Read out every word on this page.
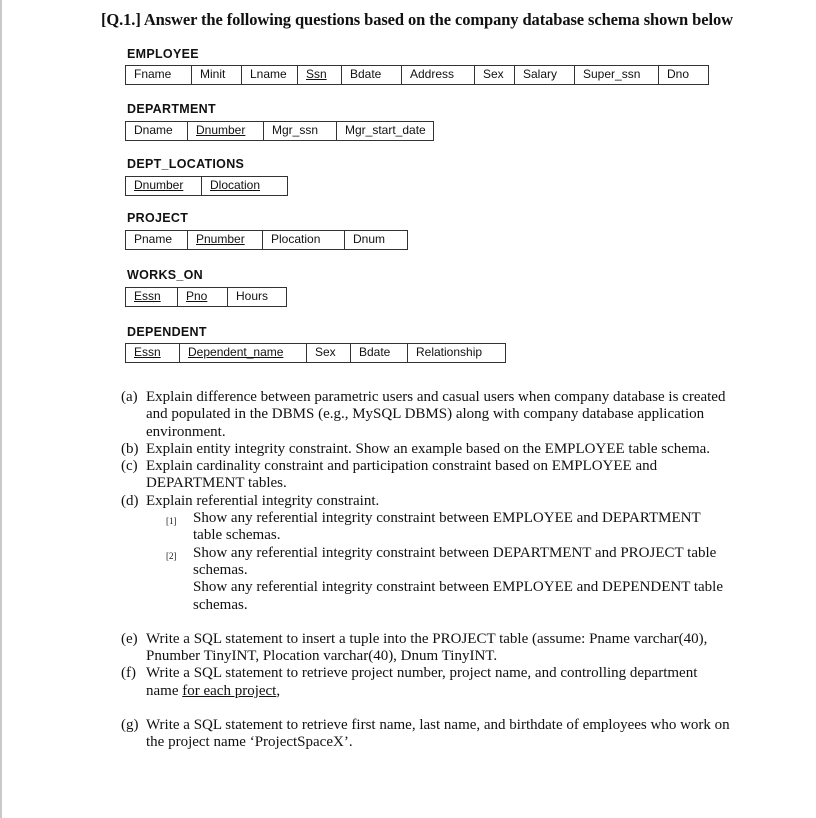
[Q.1.] Answer the following questions based on the company database schema shown below
EMPLOYEE
Fname	Minit	Lname	Ssn	Bdate	Address	Sex	Salary	Super_ssn	Dno
DEPARTMENT
Dname	Dnumber	Mgr_ssn	Mgr_start_date
DEPT_LOCATIONS
Dnumber	Dlocation
PROJECT
Pname	Pnumber	Plocation	Dnum
WORKS_ON
Essn	Pno	Hours
DEPENDENT
Essn	Dependent_name	Sex	Bdate	Relationship
(a) Explain difference between parametric users and casual users when company database is created and populated in the DBMS (e.g., MySQL DBMS) along with company database application environment.
(b) Explain entity integrity constraint. Show an example based on the EMPLOYEE table schema.
(c) Explain cardinality constraint and participation constraint based on EMPLOYEE and DEPARTMENT tables.
(d) Explain referential integrity constraint.
[1]	Show any referential integrity constraint between EMPLOYEE and DEPARTMENT table schemas.
[2]	Show any referential integrity constraint between DEPARTMENT and PROJECT table schemas.
Show any referential integrity constraint between EMPLOYEE and DEPENDENT table schemas.
(e) Write a SQL statement to insert a tuple into the PROJECT table (assume: Pname varchar(40), Pnumber TinyINT, Plocation varchar(40), Dnum TinyINT.
(f) Write a SQL statement to retrieve project number, project name, and controlling department name for each project,
(g) Write a SQL statement to retrieve first name, last name, and birthdate of employees who work on the project name ‘ProjectSpaceX’.
